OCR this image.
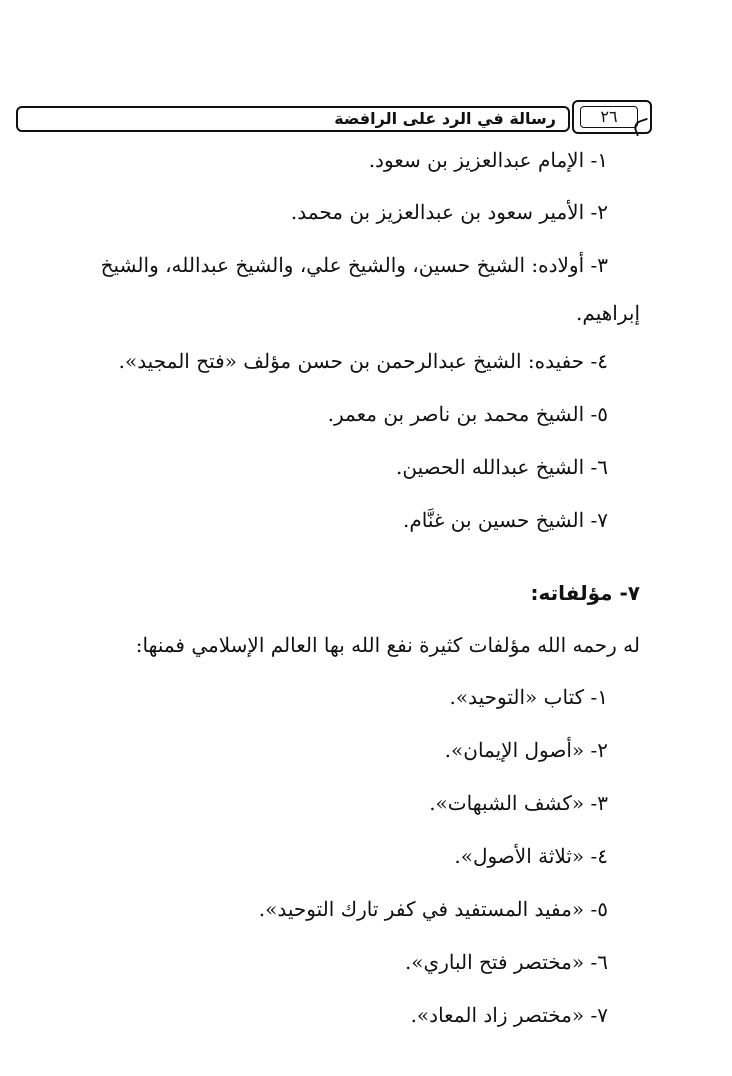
رسالة في الرد على الرافضة	٢٦
١- الإمام عبدالعزيز بن سعود.
٢- الأمير سعود بن عبدالعزيز بن محمد.
٣- أولاده: الشيخ حسين، والشيخ علي، والشيخ عبدالله، والشيخ
إبراهيم.
٤- حفيده: الشيخ عبدالرحمن بن حسن مؤلف «فتح المجيد».
٥- الشيخ محمد بن ناصر بن معمر.
٦- الشيخ عبدالله الحصين.
٧- الشيخ حسين بن غنَّام.
٧- مؤلفاته:
له رحمه الله مؤلفات كثيرة نفع الله بها العالم الإسلامي فمنها:
١- كتاب «التوحيد».
٢- «أصول الإيمان».
٣- «كشف الشبهات».
٤- «ثلاثة الأصول».
٥- «مفيد المستفيد في كفر تارك التوحيد».
٦- «مختصر فتح الباري».
٧- «مختصر زاد المعاد».
